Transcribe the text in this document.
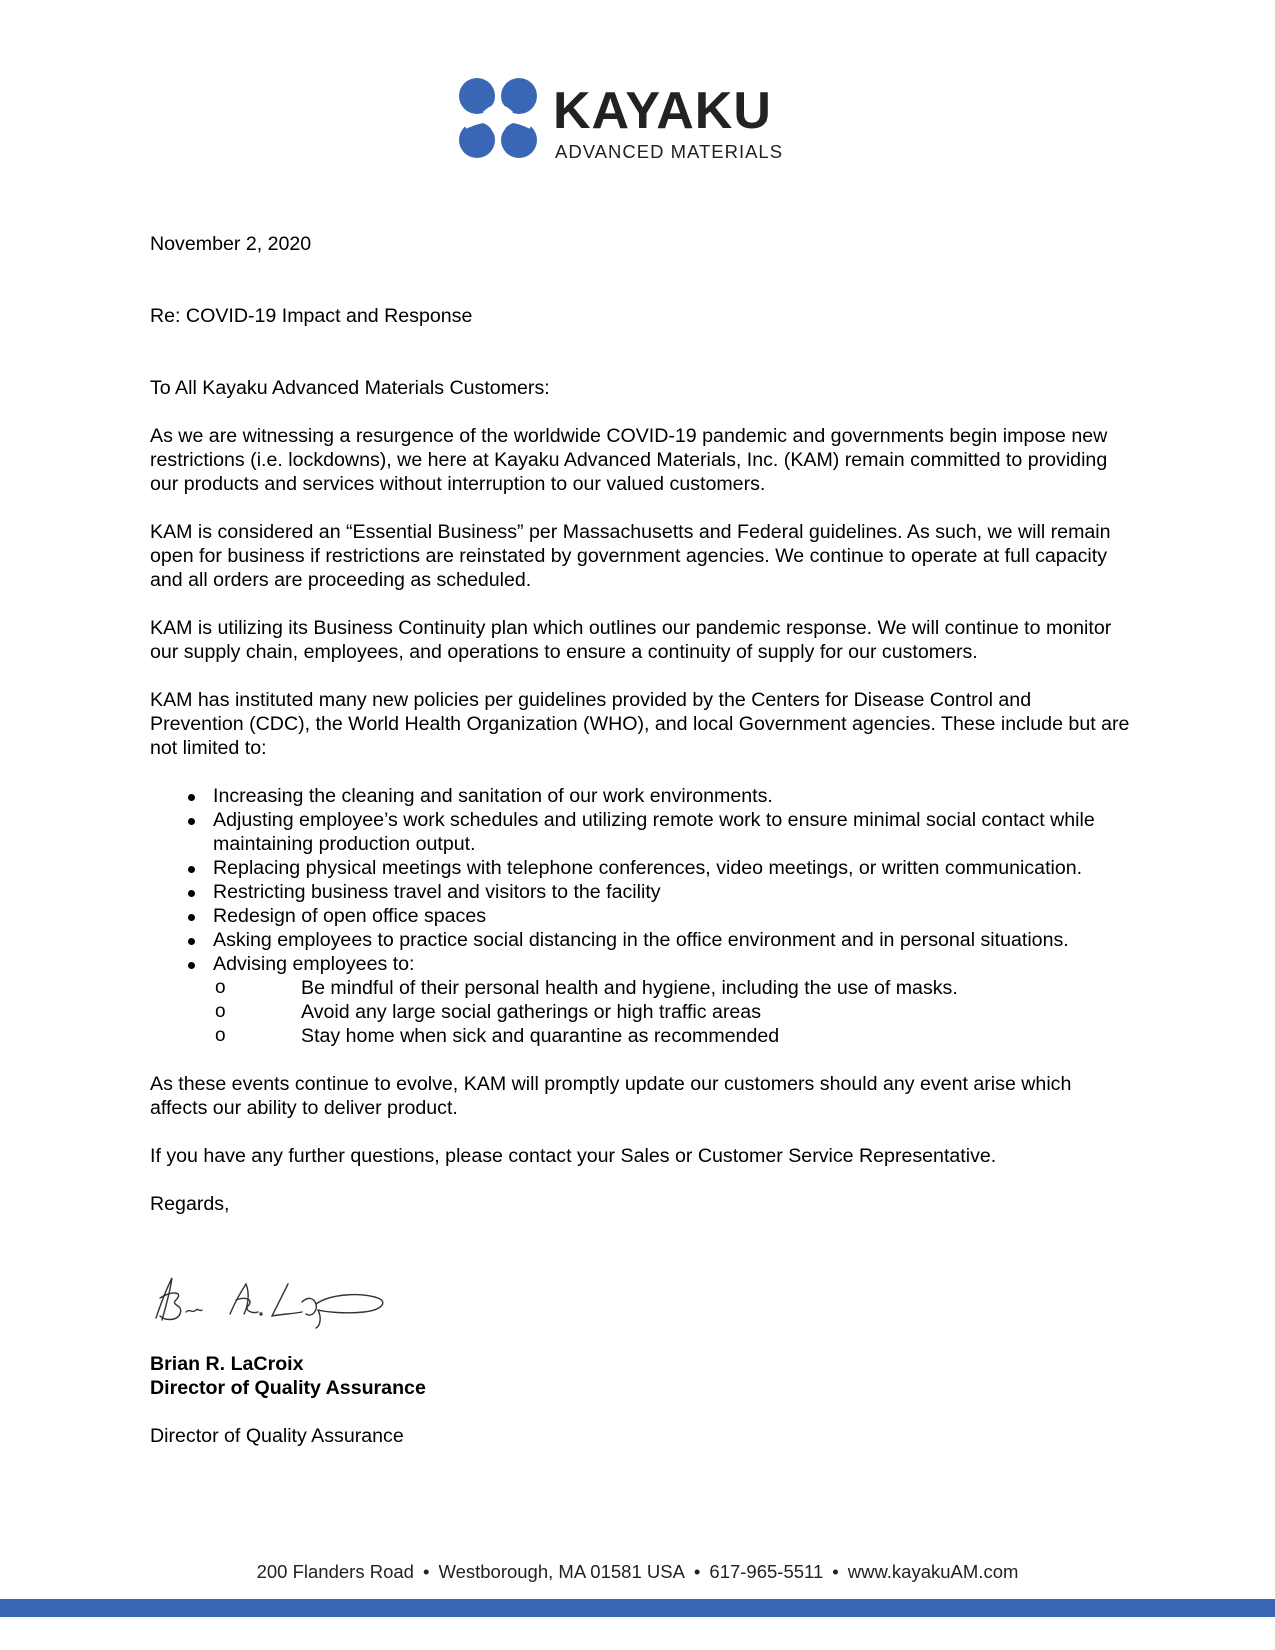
KAYAKU
ADVANCED MATERIALS

November 2, 2020

Re: COVID-19 Impact and Response

To All Kayaku Advanced Materials Customers:

As we are witnessing a resurgence of the worldwide COVID-19 pandemic and governments begin impose new restrictions (i.e. lockdowns), we here at Kayaku Advanced Materials, Inc. (KAM) remain committed to providing our products and services without interruption to our valued customers.

KAM is considered an “Essential Business” per Massachusetts and Federal guidelines. As such, we will remain open for business if restrictions are reinstated by government agencies. We continue to operate at full capacity and all orders are proceeding as scheduled.

KAM is utilizing its Business Continuity plan which outlines our pandemic response. We will continue to monitor our supply chain, employees, and operations to ensure a continuity of supply for our customers.

KAM has instituted many new policies per guidelines provided by the Centers for Disease Control and Prevention (CDC), the World Health Organization (WHO), and local Government agencies. These include but are not limited to:

Increasing the cleaning and sanitation of our work environments.
Adjusting employee’s work schedules and utilizing remote work to ensure minimal social contact while maintaining production output.
Replacing physical meetings with telephone conferences, video meetings, or written communication.
Restricting business travel and visitors to the facility
Redesign of open office spaces
Asking employees to practice social distancing in the office environment and in personal situations.
Advising employees to:
o	Be mindful of their personal health and hygiene, including the use of masks.
o	Avoid any large social gatherings or high traffic areas
o	Stay home when sick and quarantine as recommended

As these events continue to evolve, KAM will promptly update our customers should any event arise which affects our ability to deliver product.

If you have any further questions, please contact your Sales or Customer Service Representative.

Regards,

Brian R. LaCroix
Director of Quality Assurance
Director of Quality Assurance
200 Flanders Road • Westborough, MA 01581 USA • 617-965-5511 • www.kayakuAM.com
